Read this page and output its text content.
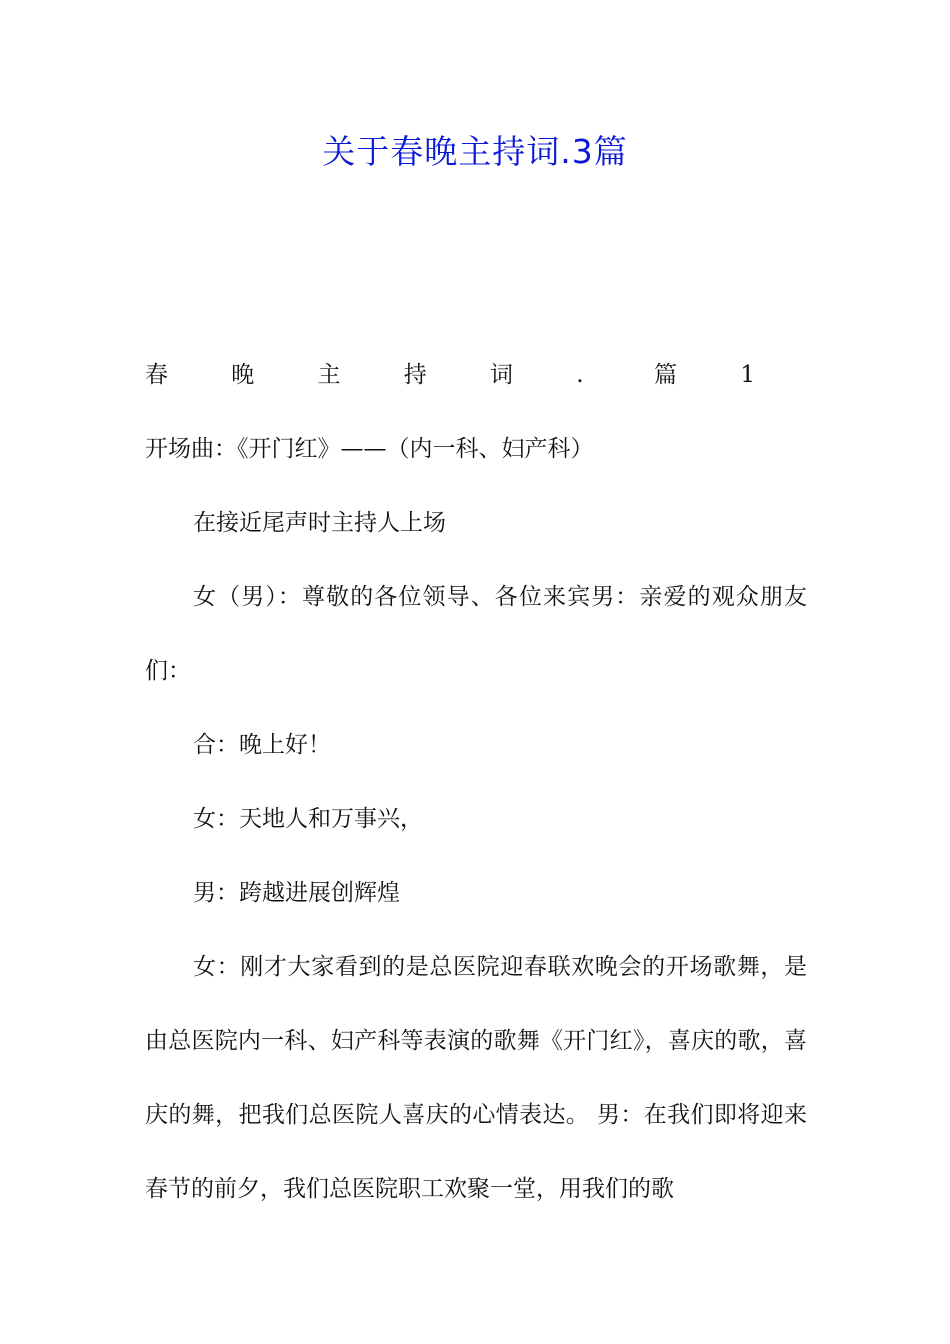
关于春晚主持词.3篇

春晚主持词. 篇1开场曲：《开门红》——（内一科、妇产科）

在接近尾声时主持人上场

女（男）：尊敬的各位领导、各位来宾男：亲爱的观众朋友们：

合：晚上好！

女：天地人和万事兴，

男：跨越进展创辉煌

女：刚才大家看到的是总医院迎春联欢晚会的开场歌舞，是由总医院内一科、妇产科等表演的歌舞《开门红》，喜庆的歌，喜庆的舞，把我们总医院人喜庆的心情表达。 男：在我们即将迎来春节的前夕，我们总医院职工欢聚一堂，用我们的歌
